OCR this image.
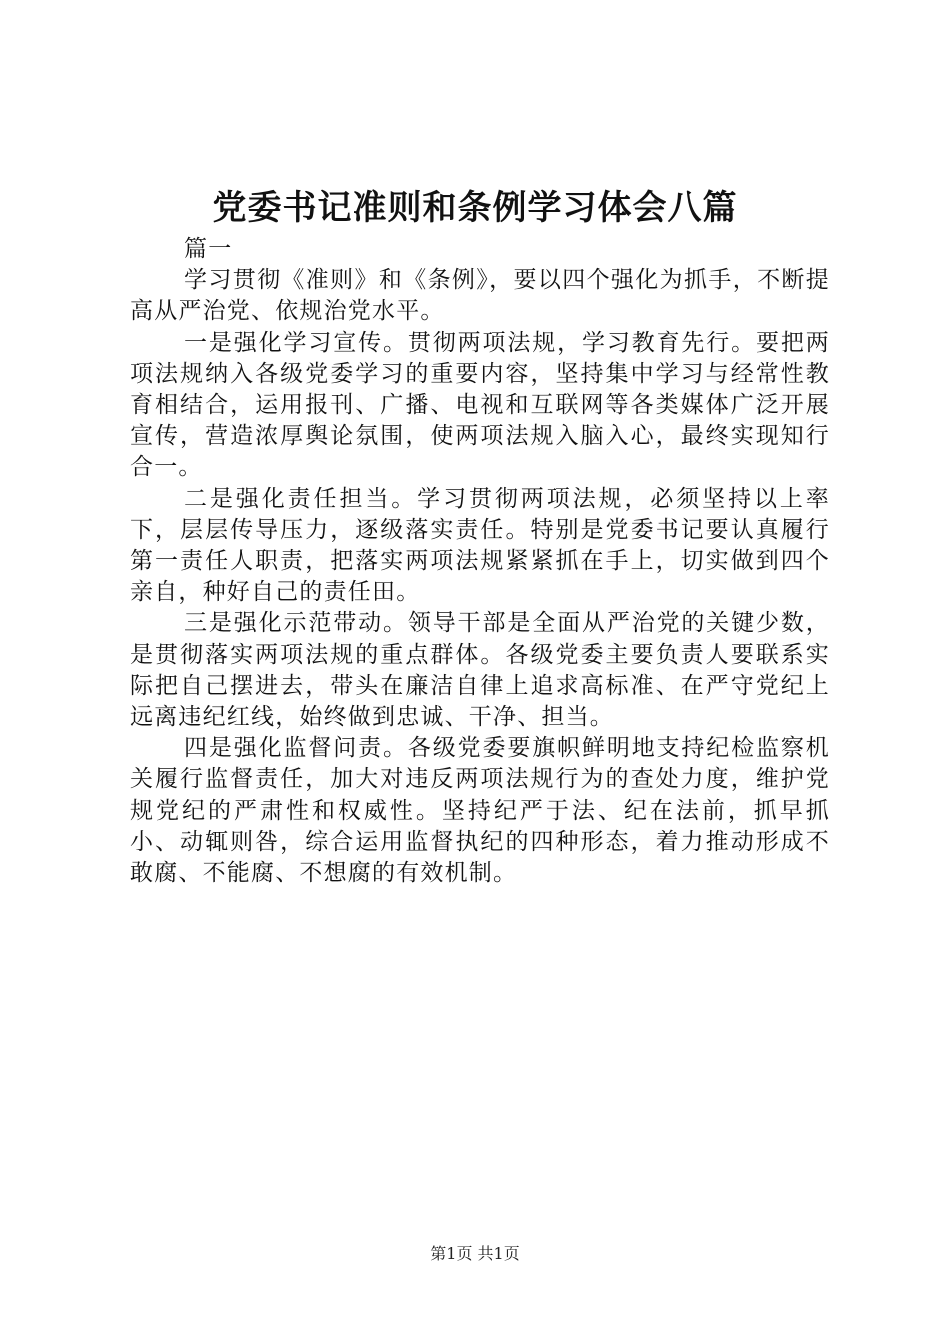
党委书记准则和条例学习体会八篇

篇一

学习贯彻《准则》和《条例》，要以四个强化为抓手，不断提高从严治党、依规治党水平。

一是强化学习宣传。贯彻两项法规，学习教育先行。要把两项法规纳入各级党委学习的重要内容，坚持集中学习与经常性教育相结合，运用报刊、广播、电视和互联网等各类媒体广泛开展宣传，营造浓厚舆论氛围，使两项法规入脑入心，最终实现知行合一。

二是强化责任担当。学习贯彻两项法规，必须坚持以上率下，层层传导压力，逐级落实责任。特别是党委书记要认真履行第一责任人职责，把落实两项法规紧紧抓在手上，切实做到四个亲自，种好自己的责任田。

三是强化示范带动。领导干部是全面从严治党的关键少数，是贯彻落实两项法规的重点群体。各级党委主要负责人要联系实际把自己摆进去，带头在廉洁自律上追求高标准、在严守党纪上远离违纪红线，始终做到忠诚、干净、担当。

四是强化监督问责。各级党委要旗帜鲜明地支持纪检监察机关履行监督责任，加大对违反两项法规行为的查处力度，维护党规党纪的严肃性和权威性。坚持纪严于法、纪在法前，抓早抓小、动辄则咎，综合运用监督执纪的四种形态，着力推动形成不敢腐、不能腐、不想腐的有效机制。

第1页 共1页
